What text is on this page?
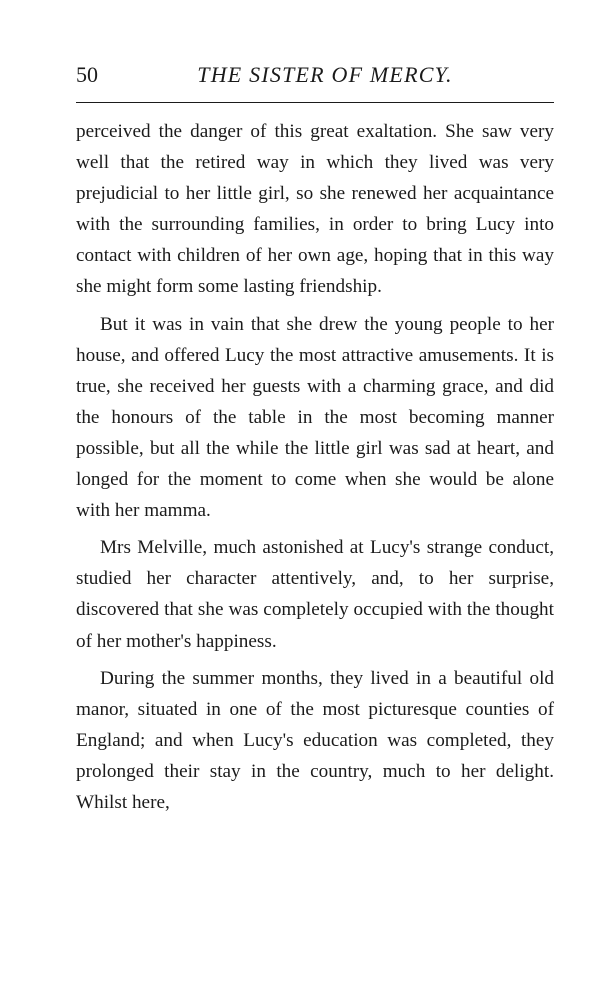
50	THE SISTER OF MERCY.

perceived the danger of this great exaltation. She saw very well that the retired way in which they lived was very prejudicial to her little girl, so she renewed her acquaintance with the surrounding families, in order to bring Lucy into contact with children of her own age, hoping that in this way she might form some lasting friendship.

But it was in vain that she drew the young people to her house, and offered Lucy the most attractive amusements. It is true, she received her guests with a charming grace, and did the honours of the table in the most becoming manner possible, but all the while the little girl was sad at heart, and longed for the moment to come when she would be alone with her mamma.

Mrs Melville, much astonished at Lucy's strange conduct, studied her character attentively, and, to her surprise, discovered that she was completely occupied with the thought of her mother's happiness.

During the summer months, they lived in a beautiful old manor, situated in one of the most picturesque counties of England; and when Lucy's education was completed, they prolonged their stay in the country, much to her delight. Whilst here,
